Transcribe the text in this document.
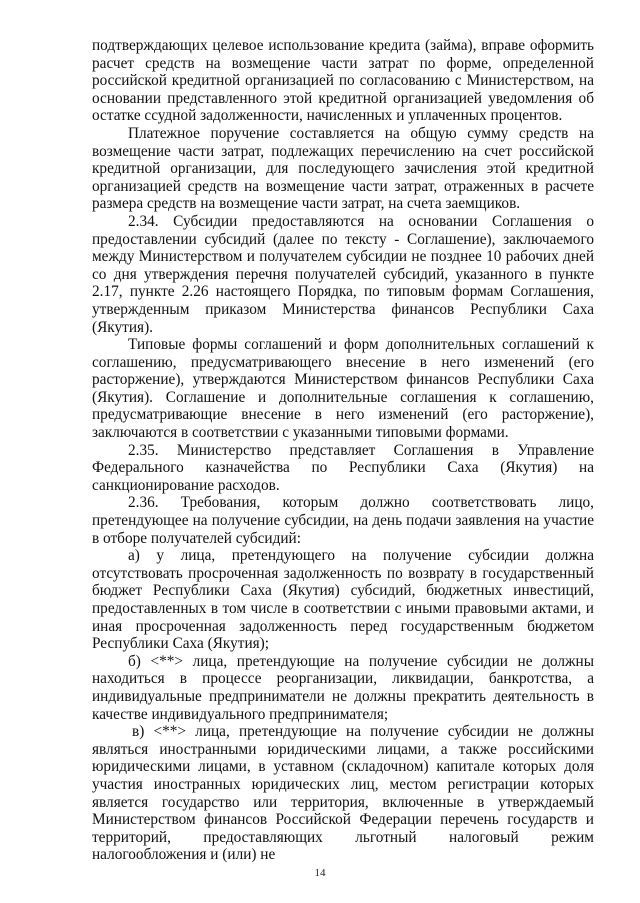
подтверждающих целевое использование кредита (займа), вправе оформить расчет средств на возмещение части затрат по форме, определенной российской кредитной организацией по согласованию с Министерством, на основании представленного этой кредитной организацией уведомления об остатке ссудной задолженности, начисленных и уплаченных процентов.

Платежное поручение составляется на общую сумму средств на возмещение части затрат, подлежащих перечислению на счет российской кредитной организации, для последующего зачисления этой кредитной организацией средств на возмещение части затрат, отраженных в расчете размера средств на возмещение части затрат, на счета заемщиков.

2.34. Субсидии предоставляются на основании Соглашения о предоставлении субсидий (далее по тексту - Соглашение), заключаемого между Министерством и получателем субсидии не позднее 10 рабочих дней со дня утверждения перечня получателей субсидий, указанного в пункте 2.17, пункте 2.26 настоящего Порядка, по типовым формам Соглашения, утвержденным приказом Министерства финансов Республики Саха (Якутия).

Типовые формы соглашений и форм дополнительных соглашений к соглашению, предусматривающего внесение в него изменений (его расторжение), утверждаются Министерством финансов Республики Саха (Якутия). Соглашение и дополнительные соглашения к соглашению, предусматривающие внесение в него изменений (его расторжение), заключаются в соответствии с указанными типовыми формами.

2.35. Министерство представляет Соглашения в Управление Федерального казначейства по Республики Саха (Якутия) на санкционирование расходов.

2.36. Требования, которым должно соответствовать лицо, претендующее на получение субсидии, на день подачи заявления на участие в отборе получателей субсидий:

а) у лица, претендующего на получение субсидии должна отсутствовать просроченная задолженность по возврату в государственный бюджет Республики Саха (Якутия) субсидий, бюджетных инвестиций, предоставленных в том числе в соответствии с иными правовыми актами, и иная просроченная задолженность перед государственным бюджетом Республики Саха (Якутия);

б) <**> лица, претендующие на получение субсидии не должны находиться в процессе реорганизации, ликвидации, банкротства, а индивидуальные предприниматели не должны прекратить деятельность в качестве индивидуального предпринимателя;

в) <**> лица, претендующие на получение субсидии не должны являться иностранными юридическими лицами, а также российскими юридическими лицами, в уставном (складочном) капитале которых доля участия иностранных юридических лиц, местом регистрации которых является государство или территория, включенные в утверждаемый Министерством финансов Российской Федерации перечень государств и территорий, предоставляющих льготный налоговый режим налогообложения и (или) не

14
